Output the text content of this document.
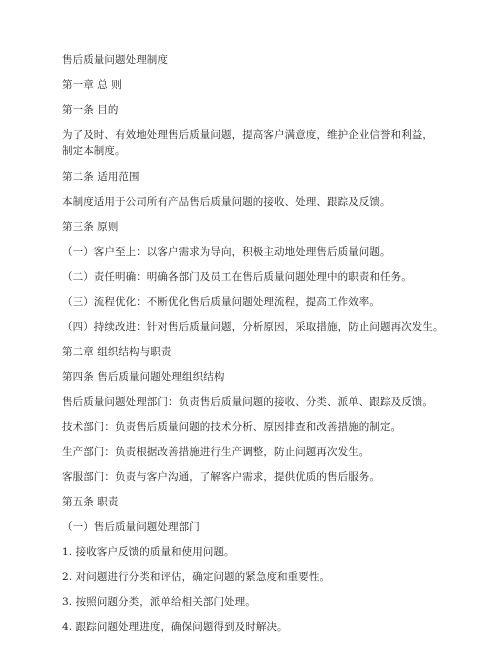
售后质量问题处理制度
第一章 总 则
第一条 目的
为了及时、有效地处理售后质量问题，提高客户满意度，维护企业信誉和利益，制定本制度。
第二条 适用范围
本制度适用于公司所有产品售后质量问题的接收、处理、跟踪及反馈。
第三条 原则
（一）客户至上：以客户需求为导向，积极主动地处理售后质量问题。
（二）责任明确：明确各部门及员工在售后质量问题处理中的职责和任务。
（三）流程优化：不断优化售后质量问题处理流程，提高工作效率。
（四）持续改进：针对售后质量问题，分析原因，采取措施，防止问题再次发生。
第二章 组织结构与职责
第四条 售后质量问题处理组织结构
售后质量问题处理部门：负责售后质量问题的接收、分类、派单、跟踪及反馈。
技术部门：负责售后质量问题的技术分析、原因排查和改善措施的制定。
生产部门：负责根据改善措施进行生产调整，防止问题再次发生。
客服部门：负责与客户沟通，了解客户需求，提供优质的售后服务。
第五条 职责
（一）售后质量问题处理部门
1. 接收客户反馈的质量和使用问题。
2. 对问题进行分类和评估，确定问题的紧急度和重要性。
3. 按照问题分类，派单给相关部门处理。
4. 跟踪问题处理进度，确保问题得到及时解决。
